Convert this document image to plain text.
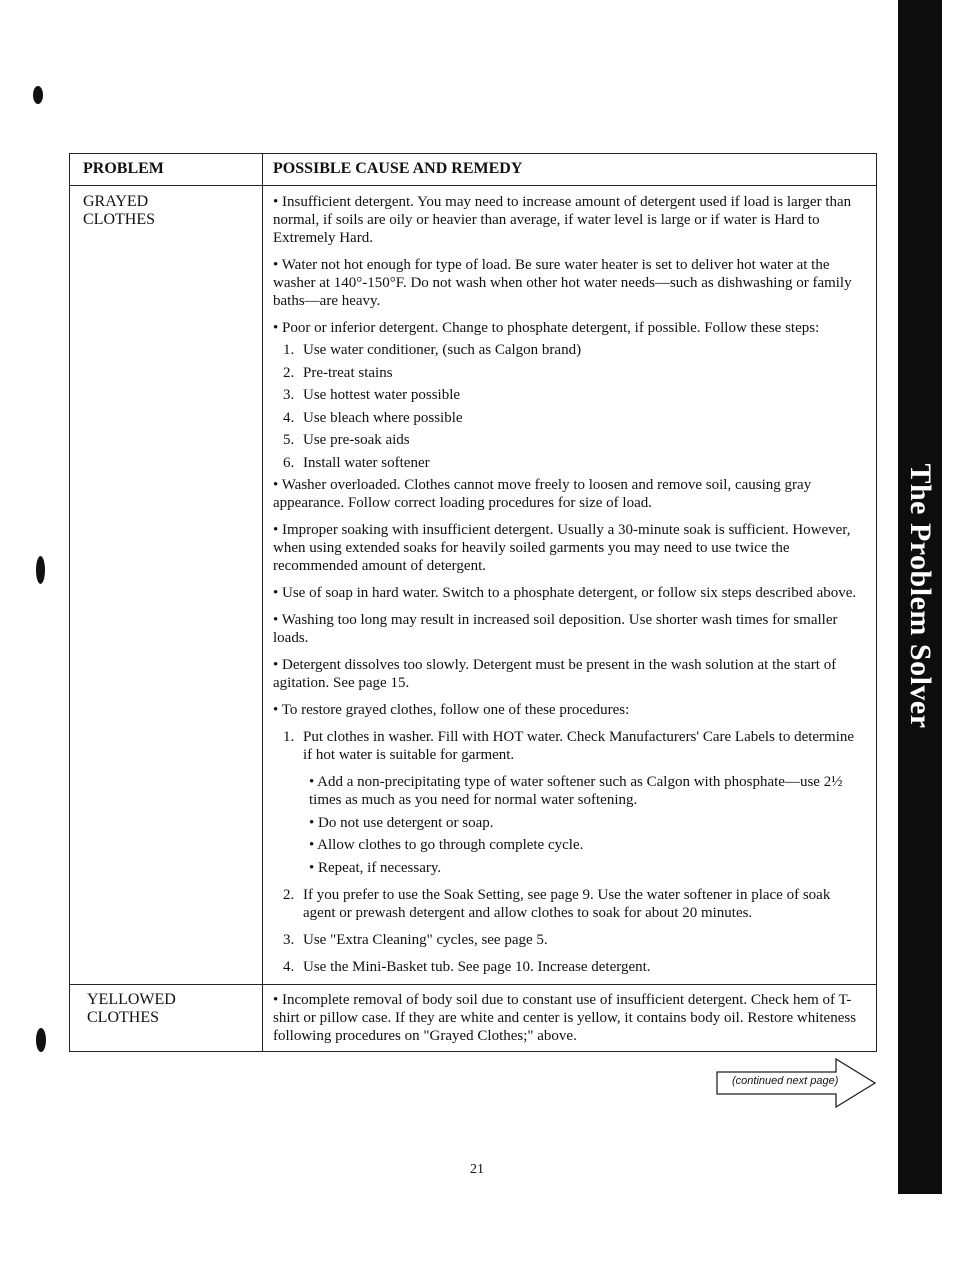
The Problem Solver
PROBLEM	POSSIBLE CAUSE AND REMEDY
GRAYED CLOTHES

• Insufficient detergent. You may need to increase amount of detergent used if load is larger than normal, if soils are oily or heavier than average, if water level is large or if water is Hard to Extremely Hard.

• Water not hot enough for type of load. Be sure water heater is set to deliver hot water at the washer at 140°-150°F. Do not wash when other hot water needs—such as dishwashing or family baths—are heavy.

• Poor or inferior detergent. Change to phosphate detergent, if possible. Follow these steps:

1. Use water conditioner, (such as Calgon brand)
2. Pre-treat stains
3. Use hottest water possible
4. Use bleach where possible
5. Use pre-soak aids
6. Install water softener

• Washer overloaded. Clothes cannot move freely to loosen and remove soil, causing gray appearance. Follow correct loading procedures for size of load.

• Improper soaking with insufficient detergent. Usually a 30-minute soak is sufficient. However, when using extended soaks for heavily soiled garments you may need to use twice the recommended amount of detergent.

• Use of soap in hard water. Switch to a phosphate detergent, or follow six steps described above.

• Washing too long may result in increased soil deposition. Use shorter wash times for smaller loads.

• Detergent dissolves too slowly. Detergent must be present in the wash solution at the start of agitation. See page 15.

• To restore grayed clothes, follow one of these procedures:

1. Put clothes in washer. Fill with HOT water. Check Manufacturers' Care Labels to determine if hot water is suitable for garment.

• Add a non-precipitating type of water softener such as Calgon with phosphate—use 2½ times as much as you need for normal water softening.

• Do not use detergent or soap.

• Allow clothes to go through complete cycle.

• Repeat, if necessary.

2. If you prefer to use the Soak Setting, see page 9. Use the water softener in place of soak agent or prewash detergent and allow clothes to soak for about 20 minutes.
3. Use "Extra Cleaning" cycles, see page 5.
4. Use the Mini-Basket tub. See page 10. Increase detergent.
YELLOWED CLOTHES

• Incomplete removal of body soil due to constant use of insufficient detergent. Check hem of T-shirt or pillow case. If they are white and center is yellow, it contains body oil. Restore whiteness following procedures on "Grayed Clothes;" above.

(continued next page)
21
